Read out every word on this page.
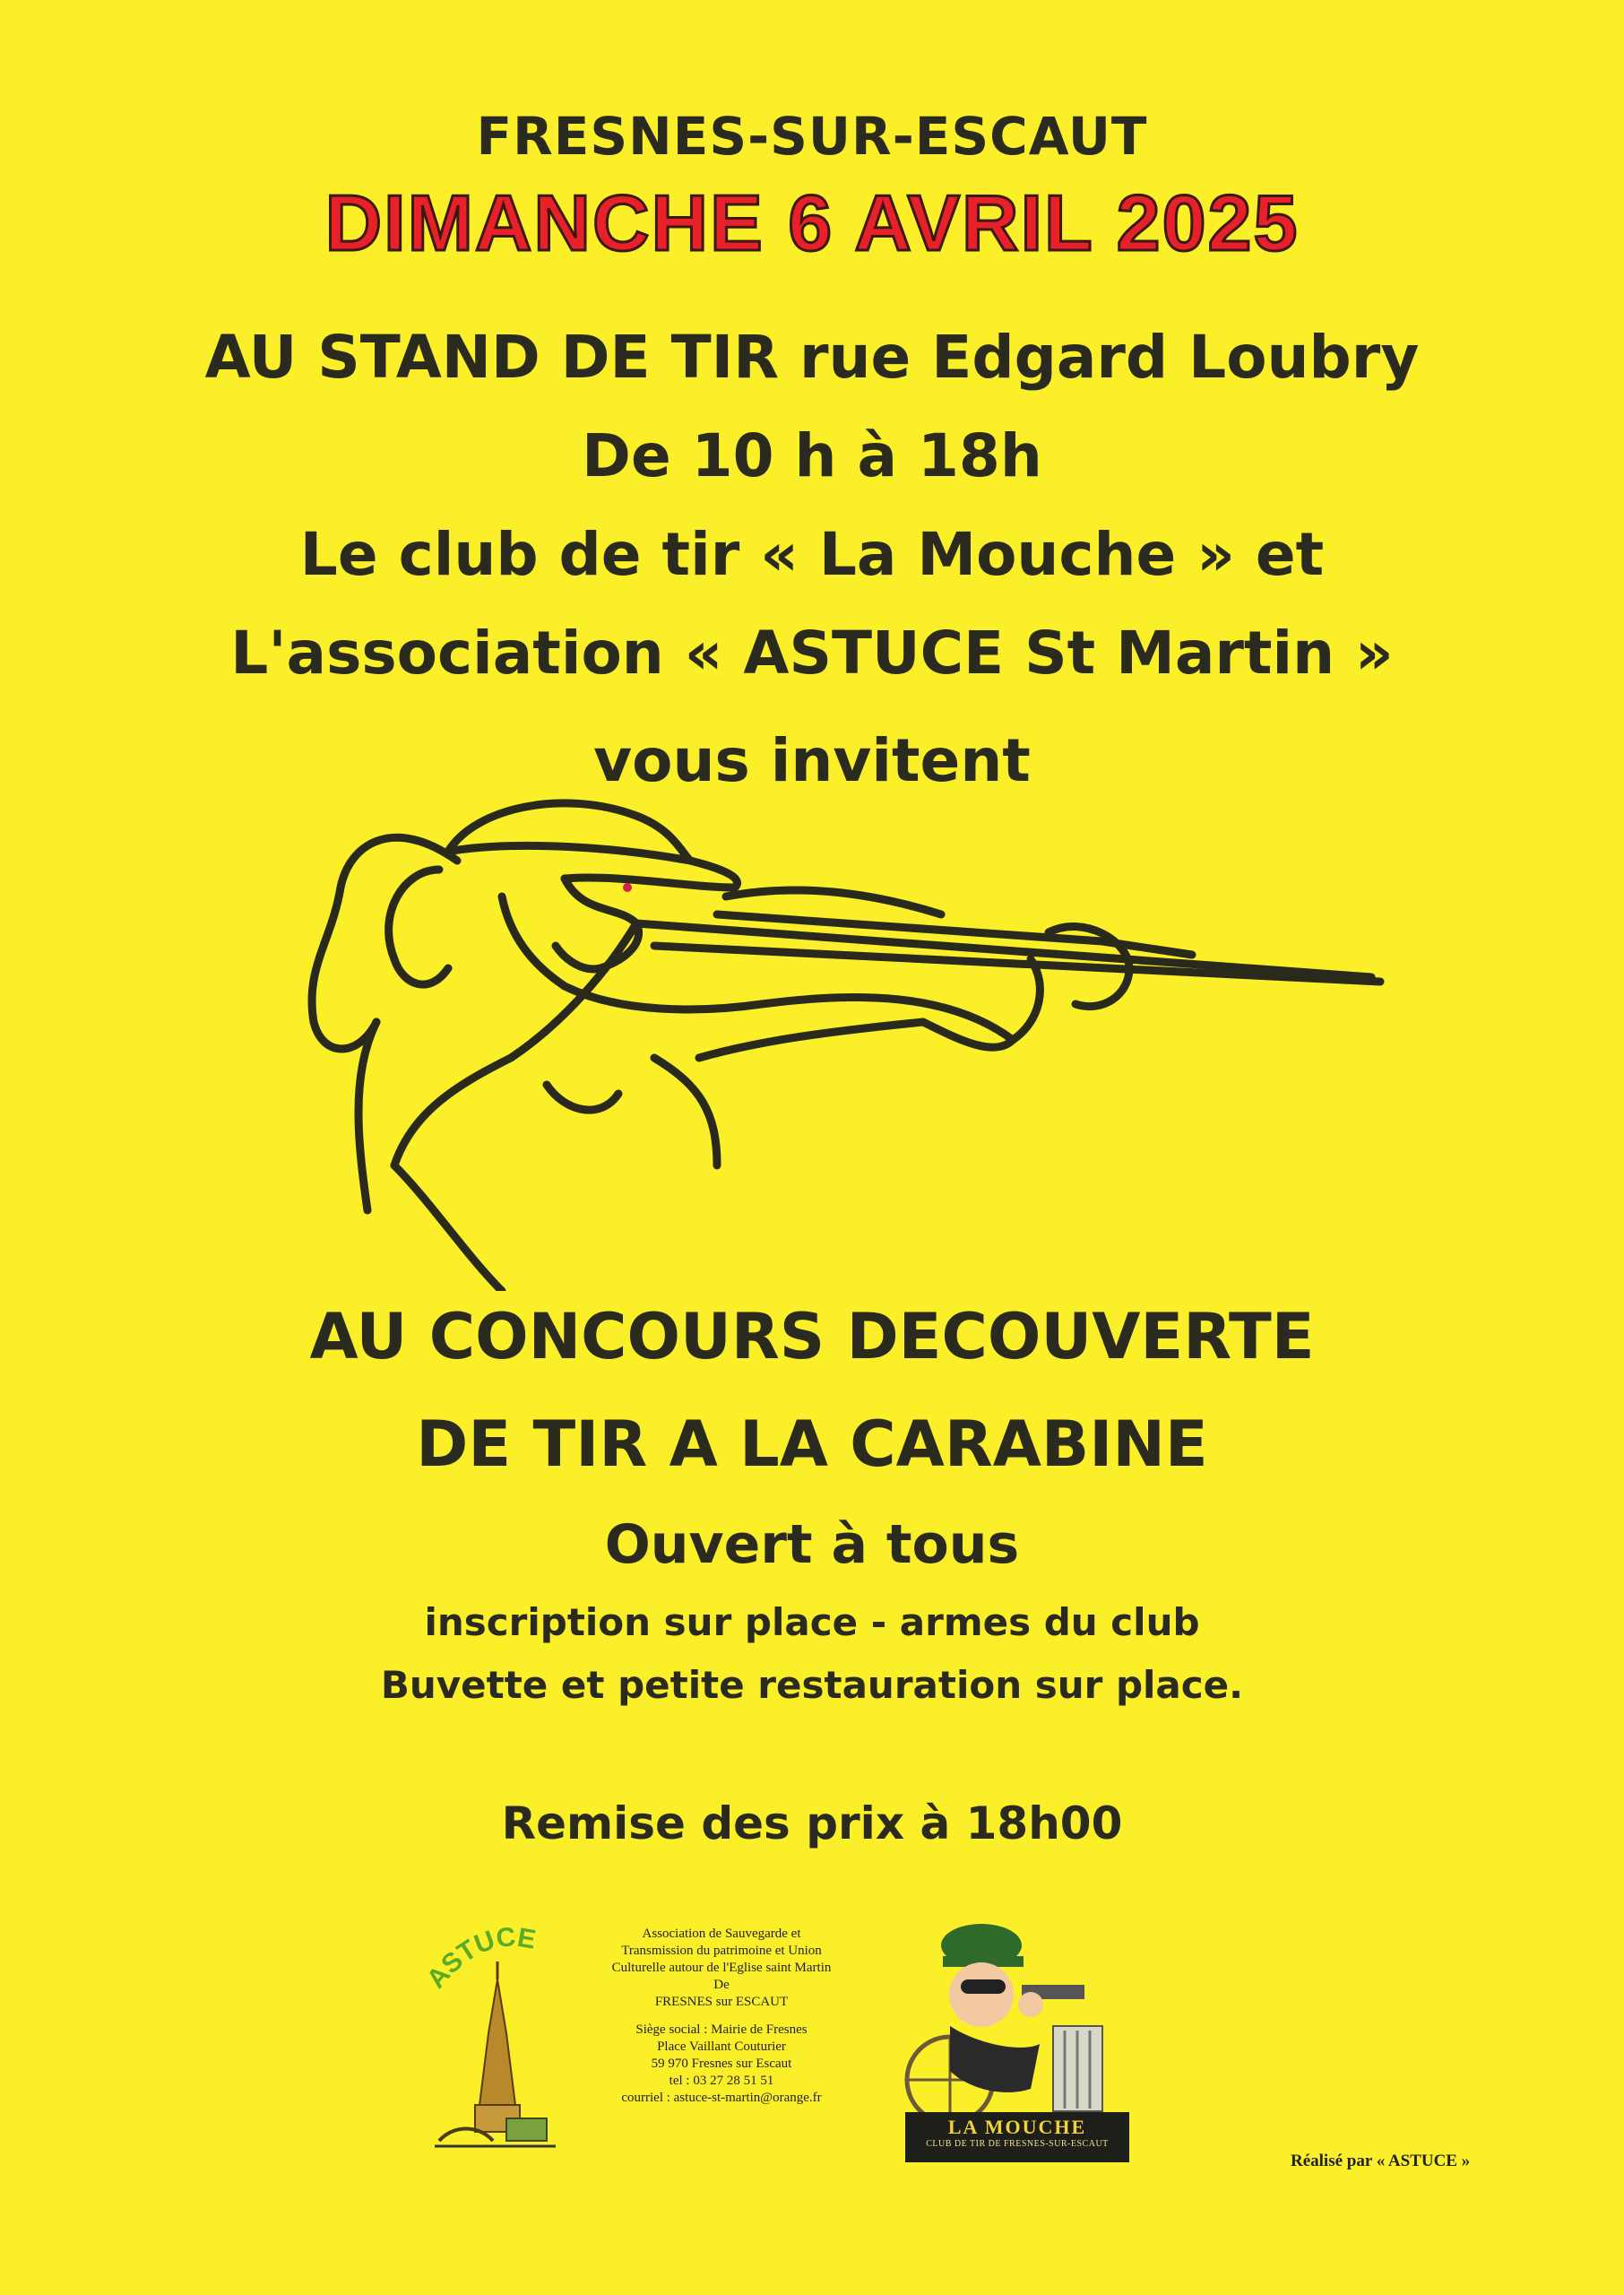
FRESNES-SUR-ESCAUT
DIMANCHE 6 AVRIL 2025
AU STAND DE TIR rue Edgard Loubry
De 10 h à 18h
Le club de tir « La Mouche » et
L'association « ASTUCE St Martin »
vous invitent
AU CONCOURS DECOUVERTE
DE TIR A LA CARABINE
Ouvert à tous
inscription sur place - armes du club
Buvette et petite restauration sur place.
Remise des prix à 18h00
ASTUCE	Association de Sauvegarde et
Transmission du patrimoine et Union
Culturelle autour de l'Eglise saint Martin
De
FRESNES sur ESCAUT
Siège social : Mairie de Fresnes
Place Vaillant Couturier
59 970 Fresnes sur Escaut
tel : 03 27 28 51 51
courriel : astuce-st-martin@orange.fr
LA MOUCHE
CLUB DE TIR DE FRESNES-SUR-ESCAUT
Réalisé par « ASTUCE »
